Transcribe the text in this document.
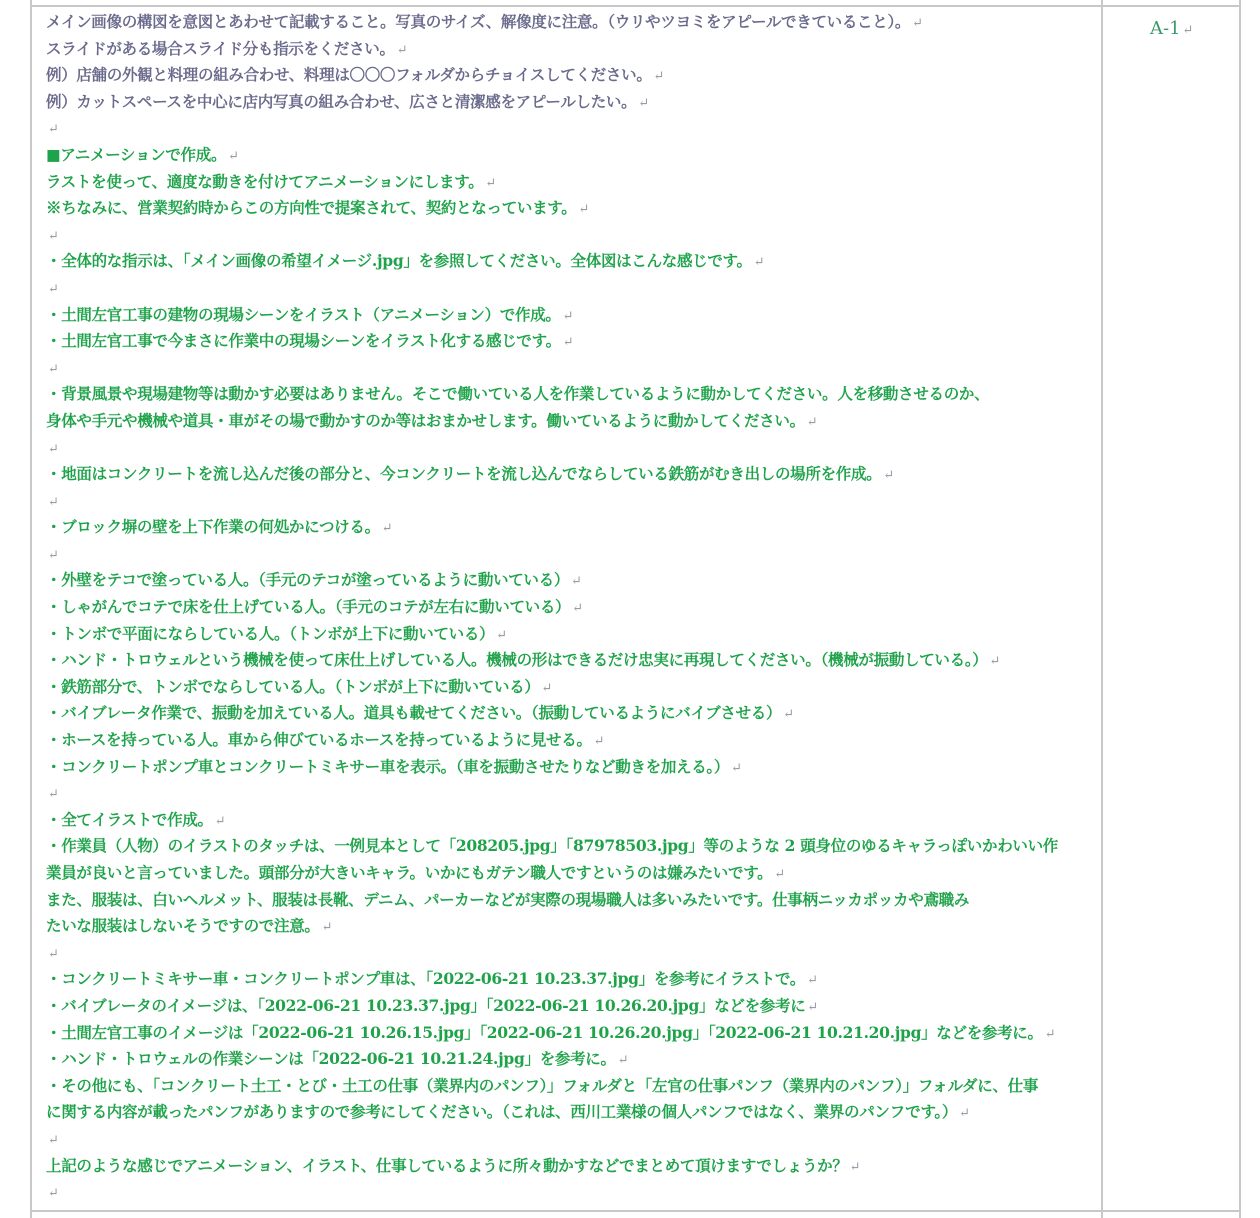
メイン画像の構図を意図とあわせて記載すること。写真のサイズ、解像度に注意。（ウリやツヨミをアピールできていること）。 ↵
スライドがある場合スライド分も指示をください。 ↵
例）店舗の外観と料理の組み合わせ、料理は〇〇〇フォルダからチョイスしてください。 ↵
例）カットスペースを中心に店内写真の組み合わせ、広さと清潔感をアピールしたい。 ↵
↵
■アニメーションで作成。 ↵
ラストを使って、適度な動きを付けてアニメーションにします。 ↵
※ちなみに、営業契約時からこの方向性で提案されて、契約となっています。 ↵
↵
・全体的な指示は、「メイン画像の希望イメージ.jpg」を参照してください。全体図はこんな感じです。 ↵
↵
・土間左官工事の建物の現場シーンをイラスト（アニメーション）で作成。 ↵
・土間左官工事で今まさに作業中の現場シーンをイラスト化する感じです。 ↵
↵
・背景風景や現場建物等は動かす必要はありません。そこで働いている人を作業しているように動かしてください。人を移動させるのか、
身体や手元や機械や道具・車がその場で動かすのか等はおまかせします。働いているように動かしてください。 ↵
↵
・地面はコンクリートを流し込んだ後の部分と、今コンクリートを流し込んでならしている鉄筋がむき出しの場所を作成。 ↵
↵
・ブロック塀の壁を上下作業の何処かにつける。 ↵
↵
・外壁をテコで塗っている人。（手元のテコが塗っているように動いている） ↵
・しゃがんでコテで床を仕上げている人。（手元のコテが左右に動いている） ↵
・トンボで平面にならしている人。（トンボが上下に動いている） ↵
・ハンド・トロウェルという機械を使って床仕上げしている人。機械の形はできるだけ忠実に再現してください。（機械が振動している。） ↵
・鉄筋部分で、トンボでならしている人。（トンボが上下に動いている） ↵
・バイブレータ作業で、振動を加えている人。道具も載せてください。（振動しているようにバイブさせる） ↵
・ホースを持っている人。車から伸びているホースを持っているように見せる。 ↵
・コンクリートポンプ車とコンクリートミキサー車を表示。（車を振動させたりなど動きを加える。） ↵
↵
・全てイラストで作成。 ↵
・作業員（人物）のイラストのタッチは、一例見本として「208205.jpg」「87978503.jpg」等のような 2 頭身位のゆるキャラっぽいかわいい作
業員が良いと言っていました。頭部分が大きいキャラ。いかにもガテン職人ですというのは嫌みたいです。 ↵
また、服装は、白いヘルメット、服装は長靴、デニム、パーカーなどが実際の現場職人は多いみたいです。仕事柄ニッカポッカや鳶職み
たいな服装はしないそうですので注意。 ↵
↵
・コンクリートミキサー車・コンクリートポンプ車は、「2022-06-21 10.23.37.jpg」を参考にイラストで。 ↵
・バイブレータのイメージは、「2022-06-21 10.23.37.jpg」「2022-06-21 10.26.20.jpg」などを参考に ↵
・土間左官工事のイメージは「2022-06-21 10.26.15.jpg」「2022-06-21 10.26.20.jpg」「2022-06-21 10.21.20.jpg」などを参考に。 ↵
・ハンド・トロウェルの作業シーンは「2022-06-21 10.21.24.jpg」を参考に。 ↵
・その他にも、「コンクリート土工・とび・土工の仕事（業界内のパンフ）」フォルダと「左官の仕事パンフ（業界内のパンフ）」フォルダに、仕事
に関する内容が載ったパンフがありますので参考にしてください。（これは、西川工業様の個人パンフではなく、業界のパンフです。） ↵
↵
上記のような感じでアニメーション、イラスト、仕事しているように所々動かすなどでまとめて頂けますでしょうか？ ↵
↵
A-1 ↵
